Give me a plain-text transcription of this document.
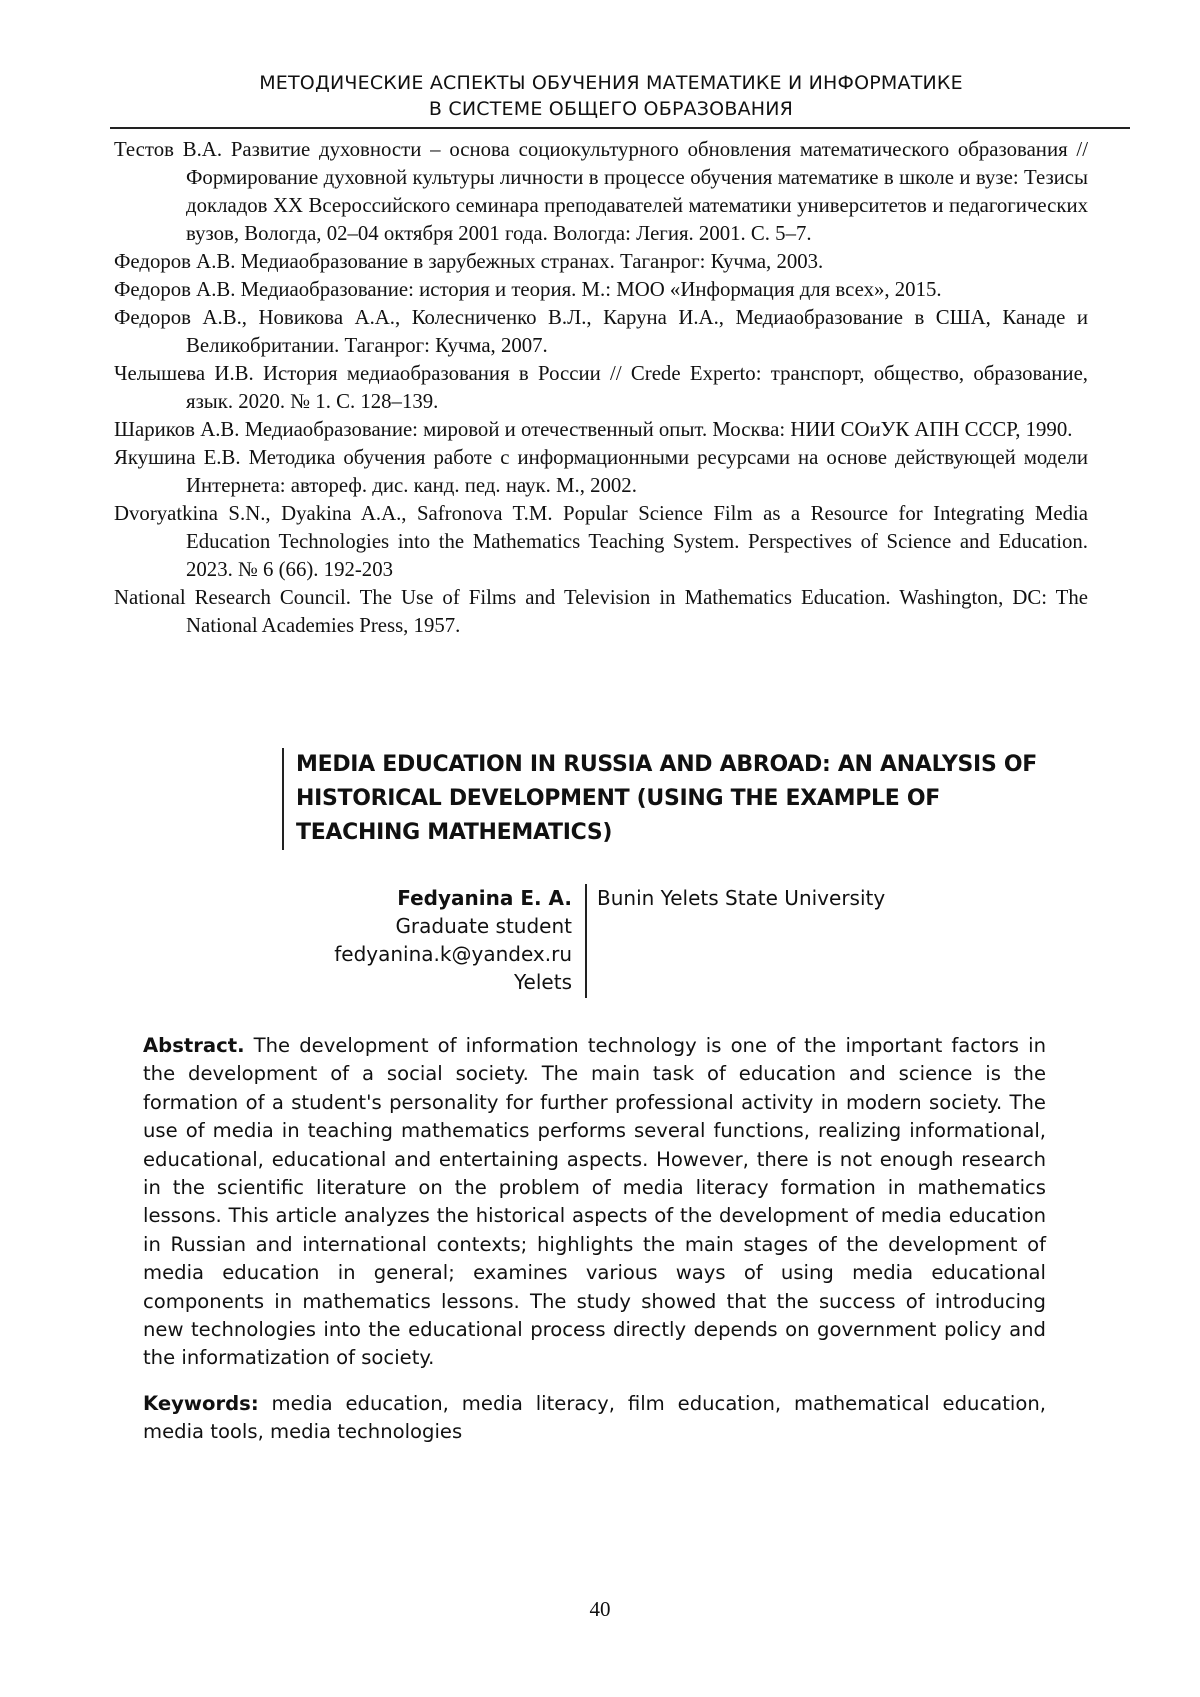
МЕТОДИЧЕСКИЕ АСПЕКТЫ ОБУЧЕНИЯ МАТЕМАТИКЕ И ИНФОРМАТИКЕ
В СИСТЕМЕ ОБЩЕГО ОБРАЗОВАНИЯ
Тестов В.А. Развитие духовности – основа социокультурного обновления математического образования // Формирование духовной культуры личности в процессе обучения математике в школе и вузе: Тезисы докладов XX Всероссийского семинара преподавателей математики университетов и педагогических вузов, Вологда, 02–04 октября 2001 года. Вологда: Легия. 2001. С. 5–7.
Федоров А.В. Медиаобразование в зарубежных странах. Таганрог: Кучма, 2003.
Федоров А.В. Медиаобразование: история и теория. М.: МОО «Информация для всех», 2015.
Федоров А.В., Новикова А.А., Колесниченко В.Л., Каруна И.А., Медиаобразование в США, Канаде и Великобритании. Таганрог: Кучма, 2007.
Челышева И.В. История медиаобразования в России // Crede Experto: транспорт, общество, образование, язык. 2020. № 1. С. 128–139.
Шариков А.В. Медиаобразование: мировой и отечественный опыт. Москва: НИИ СОиУК АПН СССР, 1990.
Якушина Е.В. Методика обучения работе с информационными ресурсами на основе действующей модели Интернета: автореф. дис. канд. пед. наук. М., 2002.
Dvoryatkina S.N., Dyakina A.A., Safronova T.M. Popular Science Film as a Resource for Integrating Media Education Technologies into the Mathematics Teaching System. Perspectives of Science and Education. 2023. № 6 (66). 192-203
National Research Council. The Use of Films and Television in Mathematics Education. Washington, DC: The National Academies Press, 1957.
MEDIA EDUCATION IN RUSSIA AND ABROAD: AN ANALYSIS OF
HISTORICAL DEVELOPMENT (USING THE EXAMPLE OF
TEACHING MATHEMATICS)
Fedyanina E. A.
Graduate student
fedyanina.k@yandex.ru
Yelets
Bunin Yelets State University

Abstract. The development of information technology is one of the important factors in the development of a social society. The main task of education and science is the formation of a student's personality for further professional activity in modern society. The use of media in teaching mathematics performs several functions, realizing informational, educational, educational and entertaining aspects. However, there is not enough research in the scientific literature on the problem of media literacy formation in mathematics lessons. This article analyzes the historical aspects of the development of media education in Russian and international contexts; highlights the main stages of the development of media education in general; examines various ways of using media educational components in mathematics lessons. The study showed that the success of introducing new technologies into the educational process directly depends on government policy and the informatization of society.

Keywords: media education, media literacy, film education, mathematical education, media tools, media technologies

40
